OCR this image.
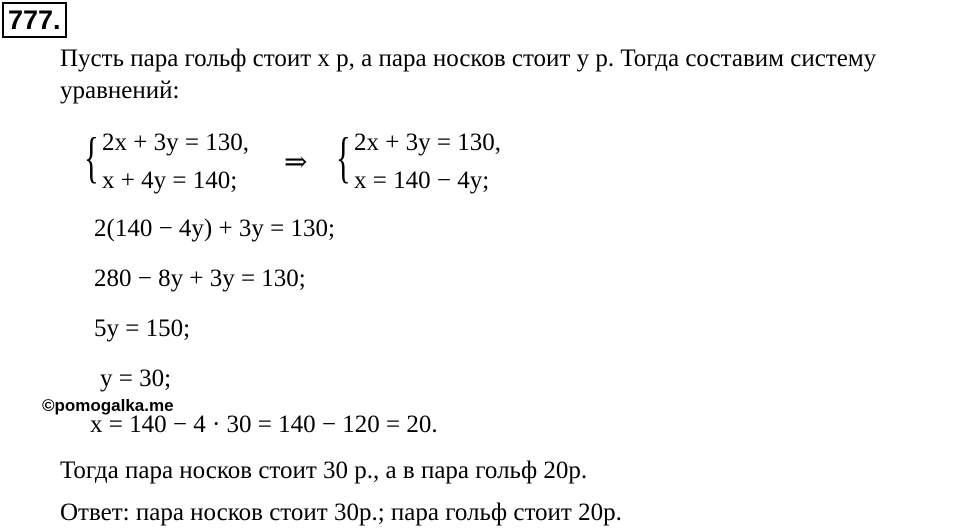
777.
Пусть пара гольф стоит x р, а пара носков стоит y р. Тогда составим систему
уравнений:
{ 2x + 3y = 130,
x + 4y = 140;
⇒ { 2x + 3y = 130,
x = 140 − 4y;
2(140 − 4y) + 3y = 130;
280 − 8y + 3y = 130;
5y = 150;
y = 30;
©pomogalka.me
x = 140 − 4 · 30 = 140 − 120 = 20.
Тогда пара носков стоит 30 р., а в пара гольф 20р.
Ответ: пара носков стоит 30р.; пара гольф стоит 20р.
